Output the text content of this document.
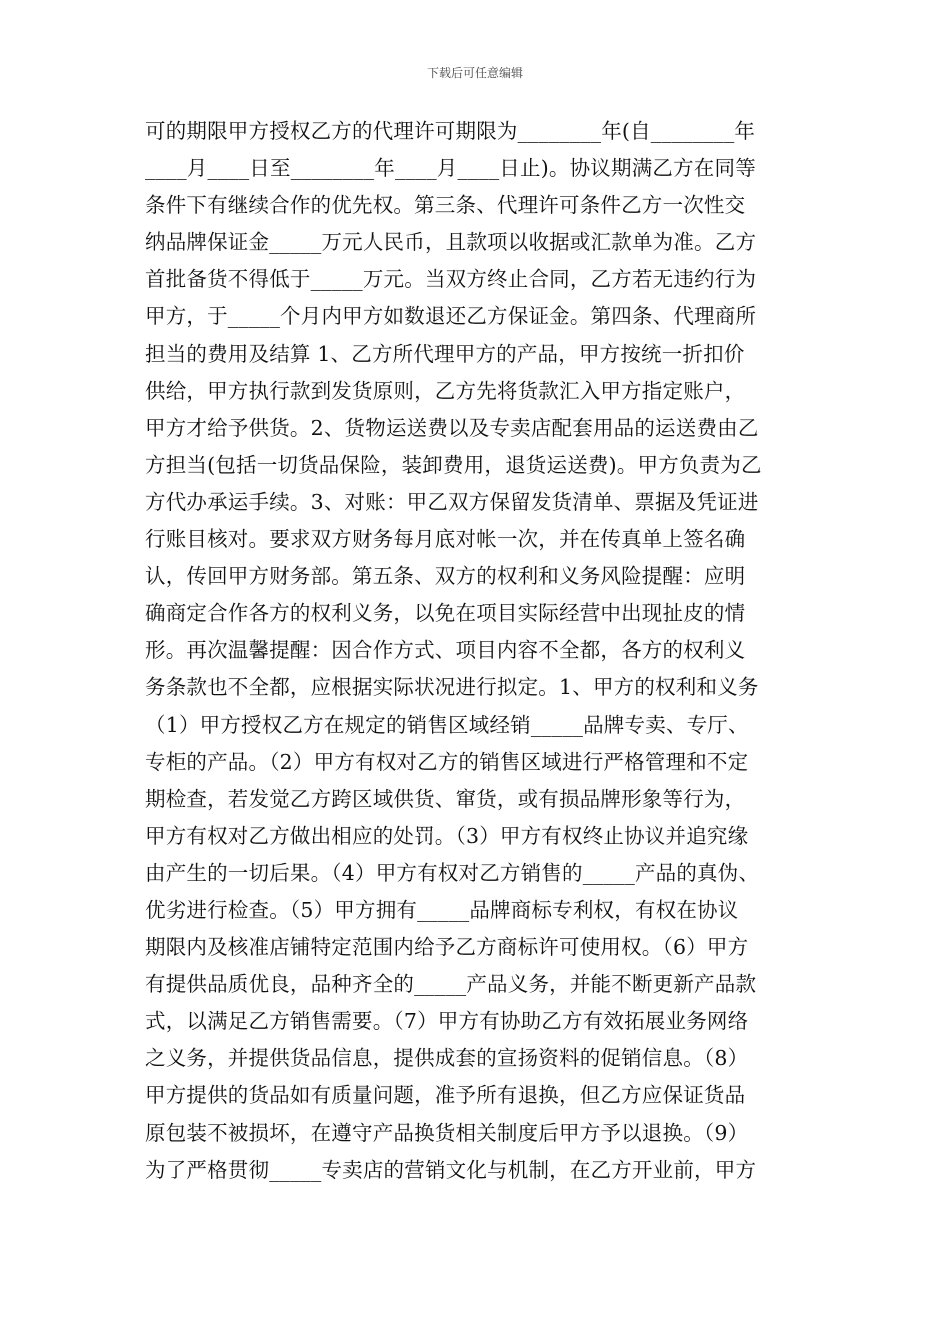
下载后可任意编辑
可的期限甲方授权乙方的代理许可期限为________年(自________年
____月____日至________年____月____日止)。协议期满乙方在同等
条件下有继续合作的优先权。第三条、代理许可条件乙方一次性交
纳品牌保证金_____万元人民币，且款项以收据或汇款单为准。乙方
首批备货不得低于_____万元。当双方终止合同，乙方若无违约行为
甲方，于_____个月内甲方如数退还乙方保证金。第四条、代理商所
担当的费用及结算 1、乙方所代理甲方的产品，甲方按统一折扣价
供给，甲方执行款到发货原则，乙方先将货款汇入甲方指定账户，
甲方才给予供货。2、货物运送费以及专卖店配套用品的运送费由乙
方担当(包括一切货品保险，装卸费用，退货运送费)。甲方负责为乙
方代办承运手续。3、对账：甲乙双方保留发货清单、票据及凭证进
行账目核对。要求双方财务每月底对帐一次，并在传真单上签名确
认，传回甲方财务部。第五条、双方的权利和义务风险提醒：应明
确商定合作各方的权利义务，以免在项目实际经营中出现扯皮的情
形。再次温馨提醒：因合作方式、项目内容不全都，各方的权利义
务条款也不全都，应根据实际状况进行拟定。1、甲方的权利和义务
（1）甲方授权乙方在规定的销售区域经销_____品牌专卖、专厅、
专柜的产品。（2）甲方有权对乙方的销售区域进行严格管理和不定
期检查，若发觉乙方跨区域供货、窜货，或有损品牌形象等行为，
甲方有权对乙方做出相应的处罚。（3）甲方有权终止协议并追究缘
由产生的一切后果。（4）甲方有权对乙方销售的_____产品的真伪、
优劣进行检查。（5）甲方拥有_____品牌商标专利权，有权在协议
期限内及核准店铺特定范围内给予乙方商标许可使用权。（6）甲方
有提供品质优良，品种齐全的_____产品义务，并能不断更新产品款
式，以满足乙方销售需要。（7）甲方有协助乙方有效拓展业务网络
之义务，并提供货品信息，提供成套的宣扬资料的促销信息。（8）
甲方提供的货品如有质量问题，准予所有退换，但乙方应保证货品
原包装不被损坏，在遵守产品换货相关制度后甲方予以退换。（9）
为了严格贯彻_____专卖店的营销文化与机制，在乙方开业前，甲方
